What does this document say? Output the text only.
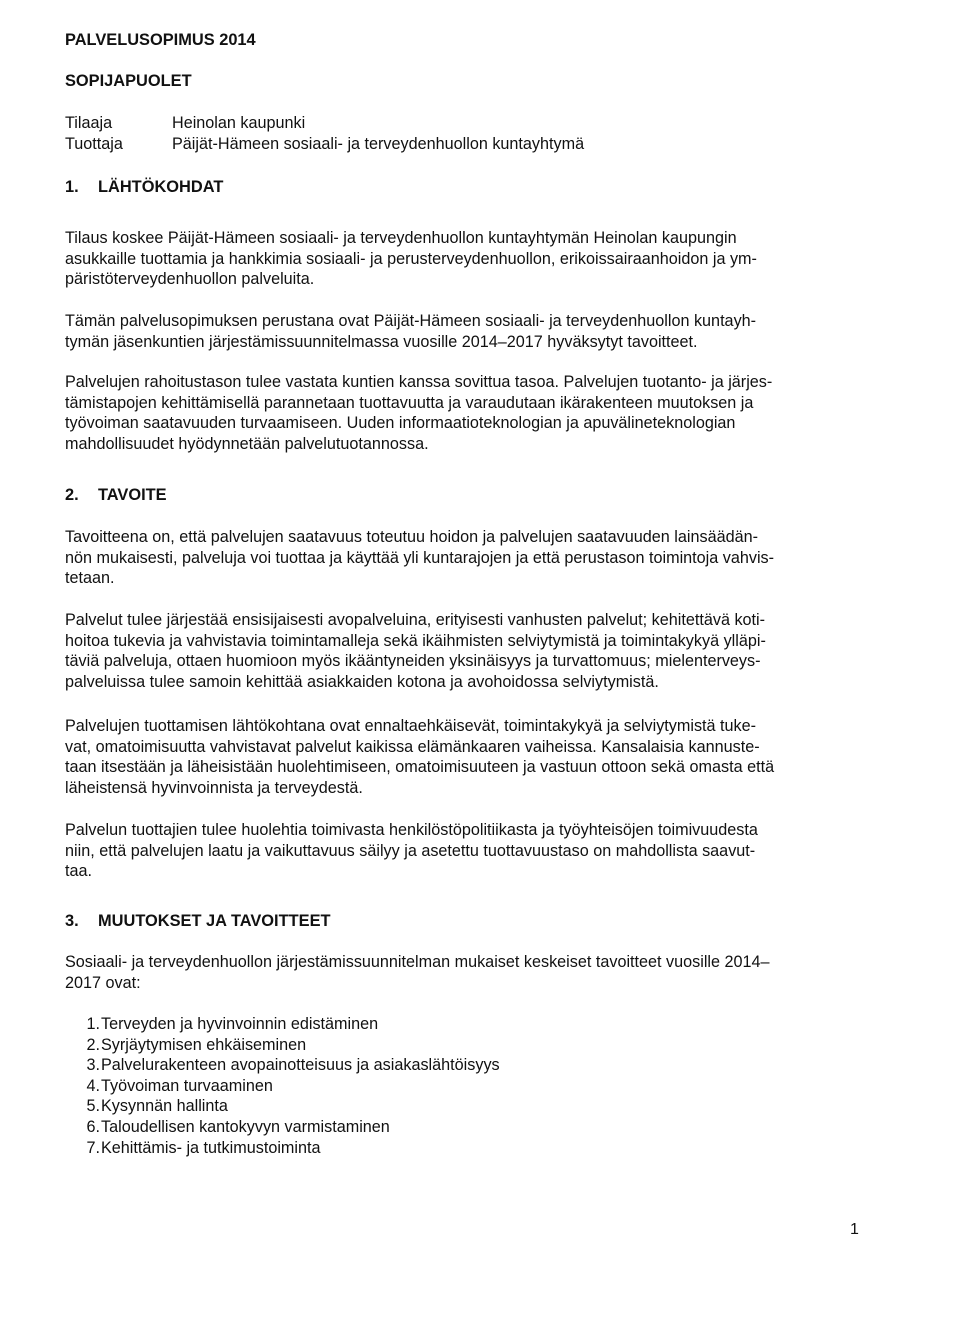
PALVELUSOPIMUS 2014
SOPIJAPUOLET
Tilaaja	Heinolan kaupunki
Tuottaja	Päijät-Hämeen sosiaali- ja terveydenhuollon kuntayhtymä
1. LÄHTÖKOHDAT
Tilaus koskee Päijät-Hämeen sosiaali- ja terveydenhuollon kuntayhtymän Heinolan kaupungin
asukkaille tuottamia ja hankkimia sosiaali- ja perusterveydenhuollon, erikoissairaanhoidon ja ym-
päristöterveydenhuollon palveluita.
Tämän palvelusopimuksen perustana ovat Päijät-Hämeen sosiaali- ja terveydenhuollon kuntayh-
tymän jäsenkuntien järjestämissuunnitelmassa vuosille 2014–2017 hyväksytyt tavoitteet.
Palvelujen rahoitustason tulee vastata kuntien kanssa sovittua tasoa. Palvelujen tuotanto- ja järjes-
tämistapojen kehittämisellä parannetaan tuottavuutta ja varaudutaan ikärakenteen muutoksen ja
työvoiman saatavuuden turvaamiseen. Uuden informaatioteknologian ja apuvälineteknologian
mahdollisuudet hyödynnetään palvelutuotannossa.
2. TAVOITE
Tavoitteena on, että palvelujen saatavuus toteutuu hoidon ja palvelujen saatavuuden lainsäädän-
nön mukaisesti, palveluja voi tuottaa ja käyttää yli kuntarajojen ja että perustason toimintoja vahvis-
tetaan.
Palvelut tulee järjestää ensisijaisesti avopalveluina, erityisesti vanhusten palvelut; kehitettävä koti-
hoitoa tukevia ja vahvistavia toimintamalleja sekä ikäihmisten selviytymistä ja toimintakykyä ylläpi-
täviä palveluja, ottaen huomioon myös ikääntyneiden yksinäisyys ja turvattomuus; mielenterveys-
palveluissa tulee samoin kehittää asiakkaiden kotona ja avohoidossa selviytymistä.
Palvelujen tuottamisen lähtökohtana ovat ennaltaehkäisevät, toimintakykyä ja selviytymistä tuke-
vat, omatoimisuutta vahvistavat palvelut kaikissa elämänkaaren vaiheissa. Kansalaisia kannuste-
taan itsestään ja läheisistään huolehtimiseen, omatoimisuuteen ja vastuun ottoon sekä omasta että
läheistensä hyvinvoinnista ja terveydestä.
Palvelun tuottajien tulee huolehtia toimivasta henkilöstöpolitiikasta ja työyhteisöjen toimivuudesta
niin, että palvelujen laatu ja vaikuttavuus säilyy ja asetettu tuottavuustaso on mahdollista saavut-
taa.
3. MUUTOKSET JA TAVOITTEET
Sosiaali- ja terveydenhuollon järjestämissuunnitelman mukaiset keskeiset tavoitteet vuosille 2014–
2017 ovat:
1.Terveyden ja hyvinvoinnin edistäminen
2.Syrjäytymisen ehkäiseminen
3.Palvelurakenteen avopainotteisuus ja asiakaslähtöisyys
4.Työvoiman turvaaminen
5.Kysynnän hallinta
6.Taloudellisen kantokyvyn varmistaminen
7.Kehittämis- ja tutkimustoiminta
1
